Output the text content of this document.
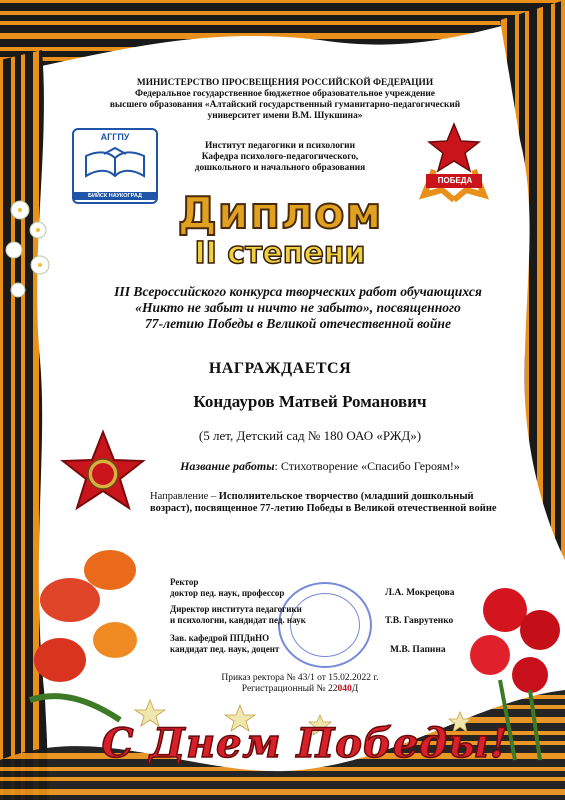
МИНИСТЕРСТВО ПРОСВЕЩЕНИЯ РОССИЙСКОЙ ФЕДЕРАЦИИ
Федеральное государственное бюджетное образовательное учреждение
высшего образования «Алтайский государственный гуманитарно-педагогический
университет имени В.М. Шукшина»
АГГПУ
БИЙСК НАУКОГРАД
Институт педагогики и психологии
Кафедра психолого-педагогического,
дошкольного и начального образования
ПОБЕДА
Диплом
II степени
III Всероссийского конкурса творческих работ обучающихся
«Никто не забыт и ничто не забыто», посвященного
77-летию Победы в Великой отечественной войне
НАГРАЖДАЕТСЯ
Кондауров Матвей Романович
(5 лет, Детский сад № 180 ОАО «РЖД»)
Название работы: Стихотворение «Спасибо Героям!»
Направление – Исполнительское творчество (младший дошкольный возраст), посвященное 77-летию Победы в Великой отечественной войне
Ректор
доктор пед. наук, профессор	Л.А. Мокрецова
Директор института педагогики
и психологии, кандидат пед. наук	Т.В. Гаврутенко
Зав. кафедрой ППДиНО
кандидат пед. наук, доцент	М.В. Папина
Приказ ректора № 43/1 от 15.02.2022 г.
Регистрационный № 22040Д
С Днем Победы!
